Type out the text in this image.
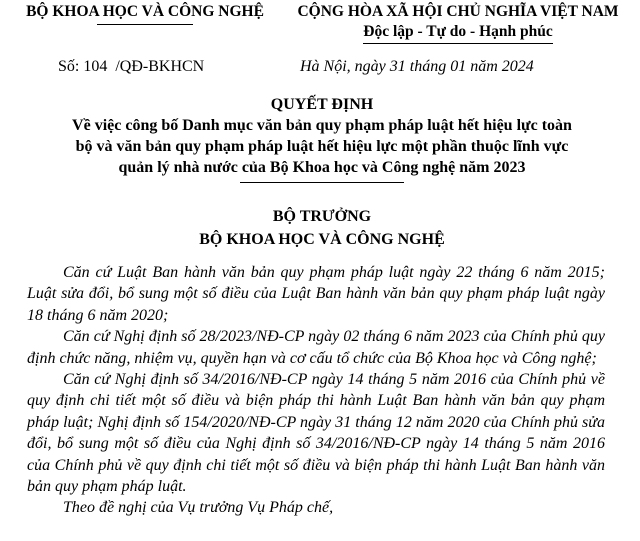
BỘ KHOA HỌC VÀ CÔNG NGHỆ	CỘNG HÒA XÃ HỘI CHỦ NGHĨA VIỆT NAM
Độc lập - Tự do - Hạnh phúc
Số: 104 /QĐ-BKHCN	Hà Nội, ngày 31 tháng 01 năm 2024
QUYẾT ĐỊNH
Về việc công bố Danh mục văn bản quy phạm pháp luật hết hiệu lực toàn
bộ và văn bản quy phạm pháp luật hết hiệu lực một phần thuộc lĩnh vực
quản lý nhà nước của Bộ Khoa học và Công nghệ năm 2023
BỘ TRƯỞNG
BỘ KHOA HỌC VÀ CÔNG NGHỆ

Căn cứ Luật Ban hành văn bản quy phạm pháp luật ngày 22 tháng 6 năm 2015; Luật sửa đổi, bổ sung một số điều của Luật Ban hành văn bản quy phạm pháp luật ngày 18 tháng 6 năm 2020;

Căn cứ Nghị định số 28/2023/NĐ-CP ngày 02 tháng 6 năm 2023 của Chính phủ quy định chức năng, nhiệm vụ, quyền hạn và cơ cấu tổ chức của Bộ Khoa học và Công nghệ;

Căn cứ Nghị định số 34/2016/NĐ-CP ngày 14 tháng 5 năm 2016 của Chính phủ về quy định chi tiết một số điều và biện pháp thi hành Luật Ban hành văn bản quy phạm pháp luật; Nghị định số 154/2020/NĐ-CP ngày 31 tháng 12 năm 2020 của Chính phủ sửa đổi, bổ sung một số điều của Nghị định số 34/2016/NĐ-CP ngày 14 tháng 5 năm 2016 của Chính phủ về quy định chi tiết một số điều và biện pháp thi hành Luật Ban hành văn bản quy phạm pháp luật.

Theo đề nghị của Vụ trưởng Vụ Pháp chế,
